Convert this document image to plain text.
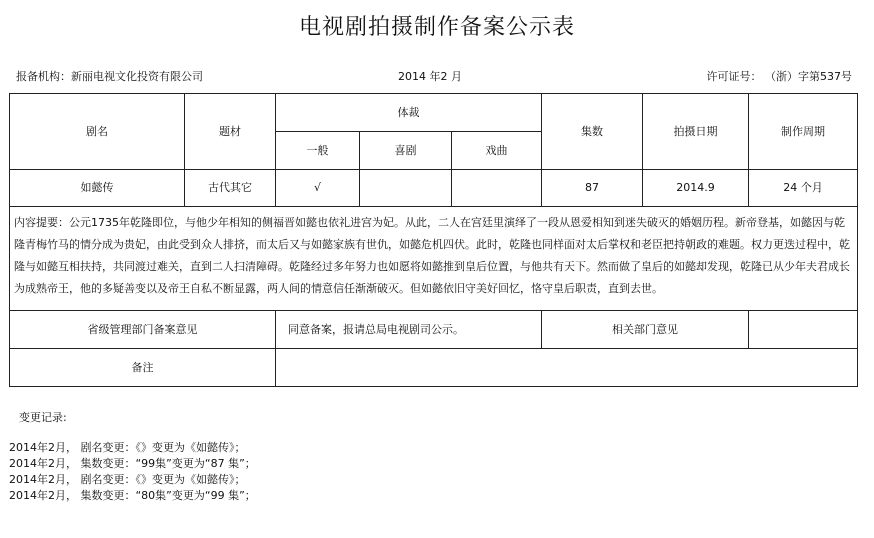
电视剧拍摄制作备案公示表
报备机构：新丽电视文化投资有限公司	2014 年2 月	许可证号： （浙）字第537号
剧名	题材	体裁			集数	拍摄日期	制作周期
		一般	喜剧	戏曲			
如懿传	古代其它	√			87	2014.9	24 个月

内容提要：公元1735年乾隆即位，与他少年相知的侧福晋如懿也依礼进宫为妃。从此，二人在宫廷里演绎了一段从恩爱相知到迷失破灭的婚姻历程。新帝登基，如懿因与乾隆青梅竹马的情分成为贵妃，由此受到众人排挤，而太后又与如懿家族有世仇，如懿危机四伏。此时，乾隆也同样面对太后掌权和老臣把持朝政的难题。权力更迭过程中，乾隆与如懿互相扶持，共同渡过难关，直到二人扫清障碍。乾隆经过多年努力也如愿将如懿推到皇后位置，与他共有天下。然而做了皇后的如懿却发现，乾隆已从少年夫君成长为成熟帝王，他的多疑善变以及帝王自私不断显露，两人间的情意信任渐渐破灭。但如懿依旧守美好回忆，恪守皇后职责，直到去世。							

省级管理部门备案意见		同意备案，报请总局电视剧司公示。			相关部门意见		
备注							
变更记录:
2014年2月， 剧名变更：《》变更为《如懿传》；
2014年2月， 集数变更：“99集”变更为“87 集”；
2014年2月， 剧名变更：《》变更为《如懿传》；
2014年2月， 集数变更：“80集”变更为“99 集”；
